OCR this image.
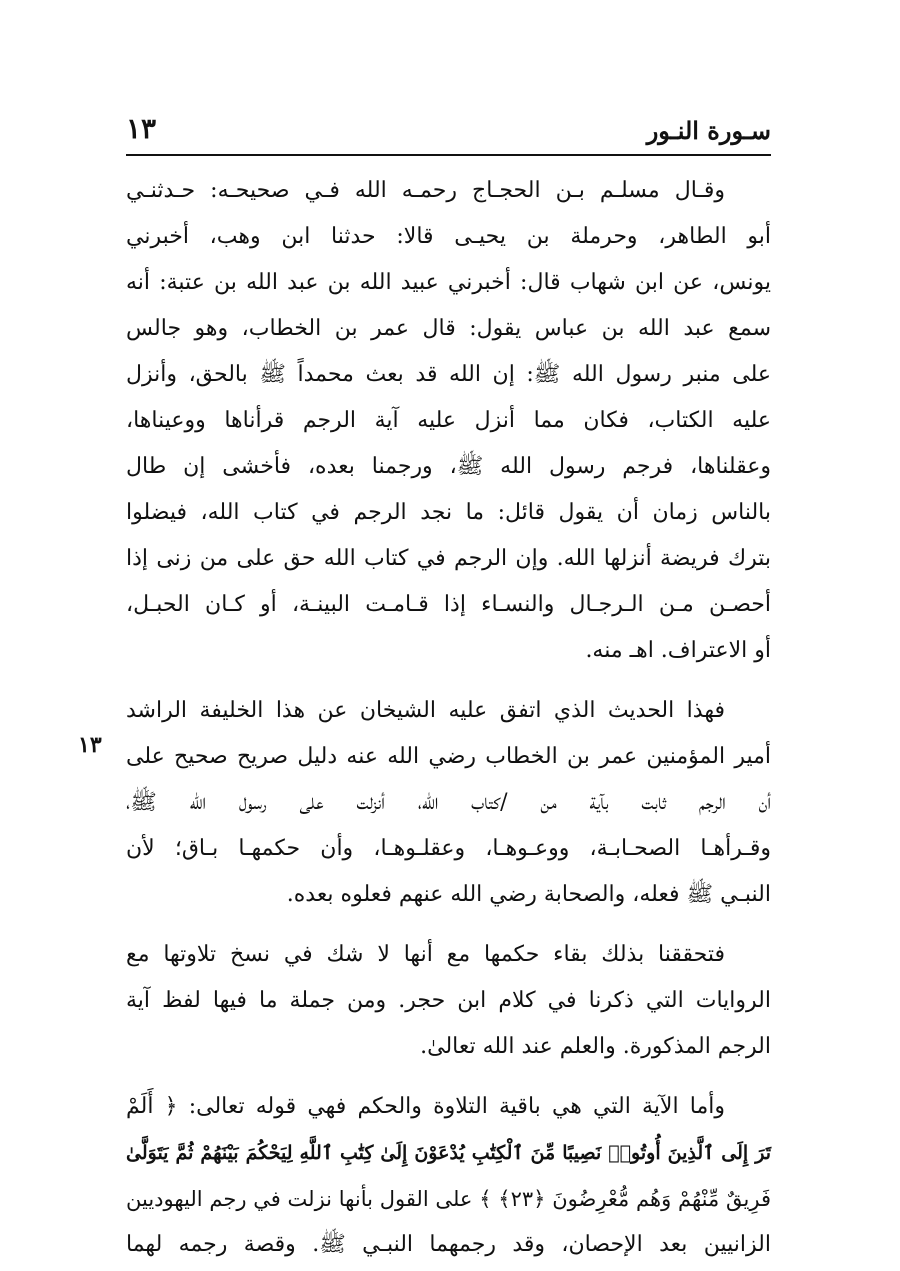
سـورة النـور
١٣
١٣
وقـال مسلـم بـن الحجـاج رحمـه الله فـي صحيحـه: حـدثنـي
أبو الطاهر، وحرملة بن يحيـى قالا: حدثنا ابن وهب، أخبرني
يونس، عن ابن شهاب قال: أخبرني عبيد الله بن عبد الله بن عتبة: أنه
سمع عبد الله بن عباس يقول: قال عمر بن الخطاب، وهو جالس
على منبر رسول الله ﷺ: إن الله قد بعث محمداً ﷺ بالحق، وأنزل
عليه الكتاب، فكان مما أنزل عليه آية الرجم قرأناها ووعيناها،
وعقلناها، فرجم رسول الله ﷺ، ورجمنا بعده، فأخشى إن طال
بالناس زمان أن يقول قائل: ما نجد الرجم في كتاب الله، فيضلوا
بترك فريضة أنزلها الله. وإن الرجم في كتاب الله حق على من زنى إذا
أحصـن مـن الـرجـال والنسـاء إذا قـامـت البينـة، أو كـان الحبـل،
أو الاعتراف. اهـ منه.
فهذا الحديث الذي اتفق عليه الشيخان عن هذا الخليفة الراشد
أمير المؤمنين عمر بن الخطاب رضي الله عنه دليل صريح صحيح على
أن الرجم ثابت بآية من /كتاب الله، أنزلت على رسول الله ﷺ،
وقـرأهـا الصحـابـة، ووعـوهـا، وعقلـوهـا، وأن حكمهـا بـاق؛ لأن
النبـي ﷺ فعله، والصحابة رضي الله عنهم فعلوه بعده.
فتحققنا بذلك بقاء حكمها مع أنها لا شك في نسخ تلاوتها مع
الروايات التي ذكرنا في كلام ابن حجر. ومن جملة ما فيها لفظ آية
الرجم المذكورة. والعلم عند الله تعالىٰ.
وأما الآية التي هي باقية التلاوة والحكم فهي قوله تعالى: ﴿ أَلَمْ
تَرَ إِلَى ٱلَّذِينَ أُوتُوا۟ نَصِيبًا مِّنَ ٱلْكِتَٰبِ يُدْعَوْنَ إِلَىٰ كِتَٰبِ ٱللَّهِ لِيَحْكُمَ بَيْنَهُمْ ثُمَّ يَتَوَلَّىٰ
فَرِيقٌ مِّنْهُمْ وَهُم مُّعْرِضُونَ ﴿٢٣﴾ ﴾ على القول بأنها نزلت في رجم اليهوديين
الزانيين بعد الإحصان، وقد رجمهما النبـي ﷺ. وقصة رجمه لهما
